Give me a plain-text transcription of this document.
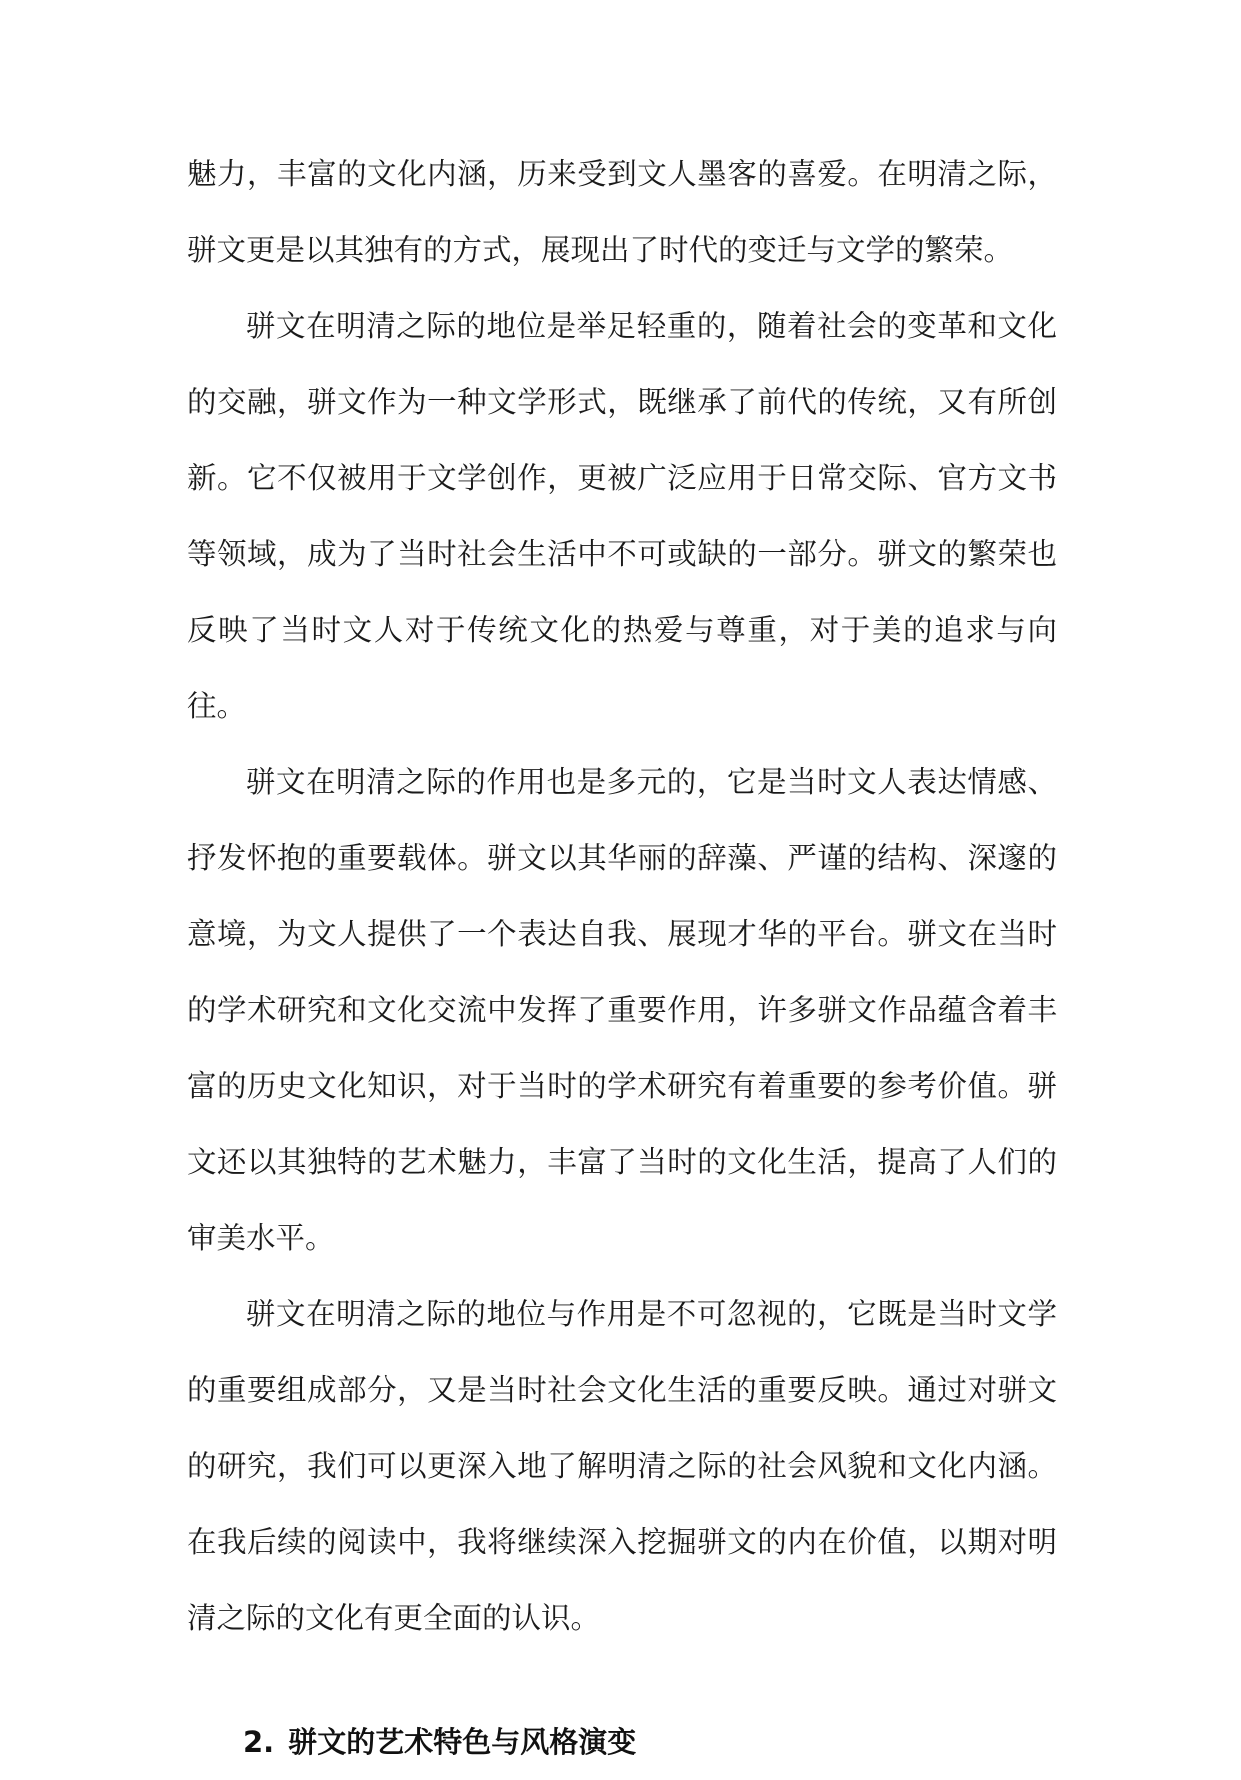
魅力，丰富的文化内涵，历来受到文人墨客的喜爱。在明清之际，骈文更是以其独有的方式，展现出了时代的变迁与文学的繁荣。

骈文在明清之际的地位是举足轻重的，随着社会的变革和文化的交融，骈文作为一种文学形式，既继承了前代的传统，又有所创新。它不仅被用于文学创作，更被广泛应用于日常交际、官方文书等领域，成为了当时社会生活中不可或缺的一部分。骈文的繁荣也反映了当时文人对于传统文化的热爱与尊重，对于美的追求与向往。

骈文在明清之际的作用也是多元的，它是当时文人表达情感、抒发怀抱的重要载体。骈文以其华丽的辞藻、严谨的结构、深邃的意境，为文人提供了一个表达自我、展现才华的平台。骈文在当时的学术研究和文化交流中发挥了重要作用，许多骈文作品蕴含着丰富的历史文化知识，对于当时的学术研究有着重要的参考价值。骈文还以其独特的艺术魅力，丰富了当时的文化生活，提高了人们的审美水平。

骈文在明清之际的地位与作用是不可忽视的，它既是当时文学的重要组成部分，又是当时社会文化生活的重要反映。通过对骈文的研究，我们可以更深入地了解明清之际的社会风貌和文化内涵。在我后续的阅读中，我将继续深入挖掘骈文的内在价值，以期对明清之际的文化有更全面的认识。

2. 骈文的艺术特色与风格演变
